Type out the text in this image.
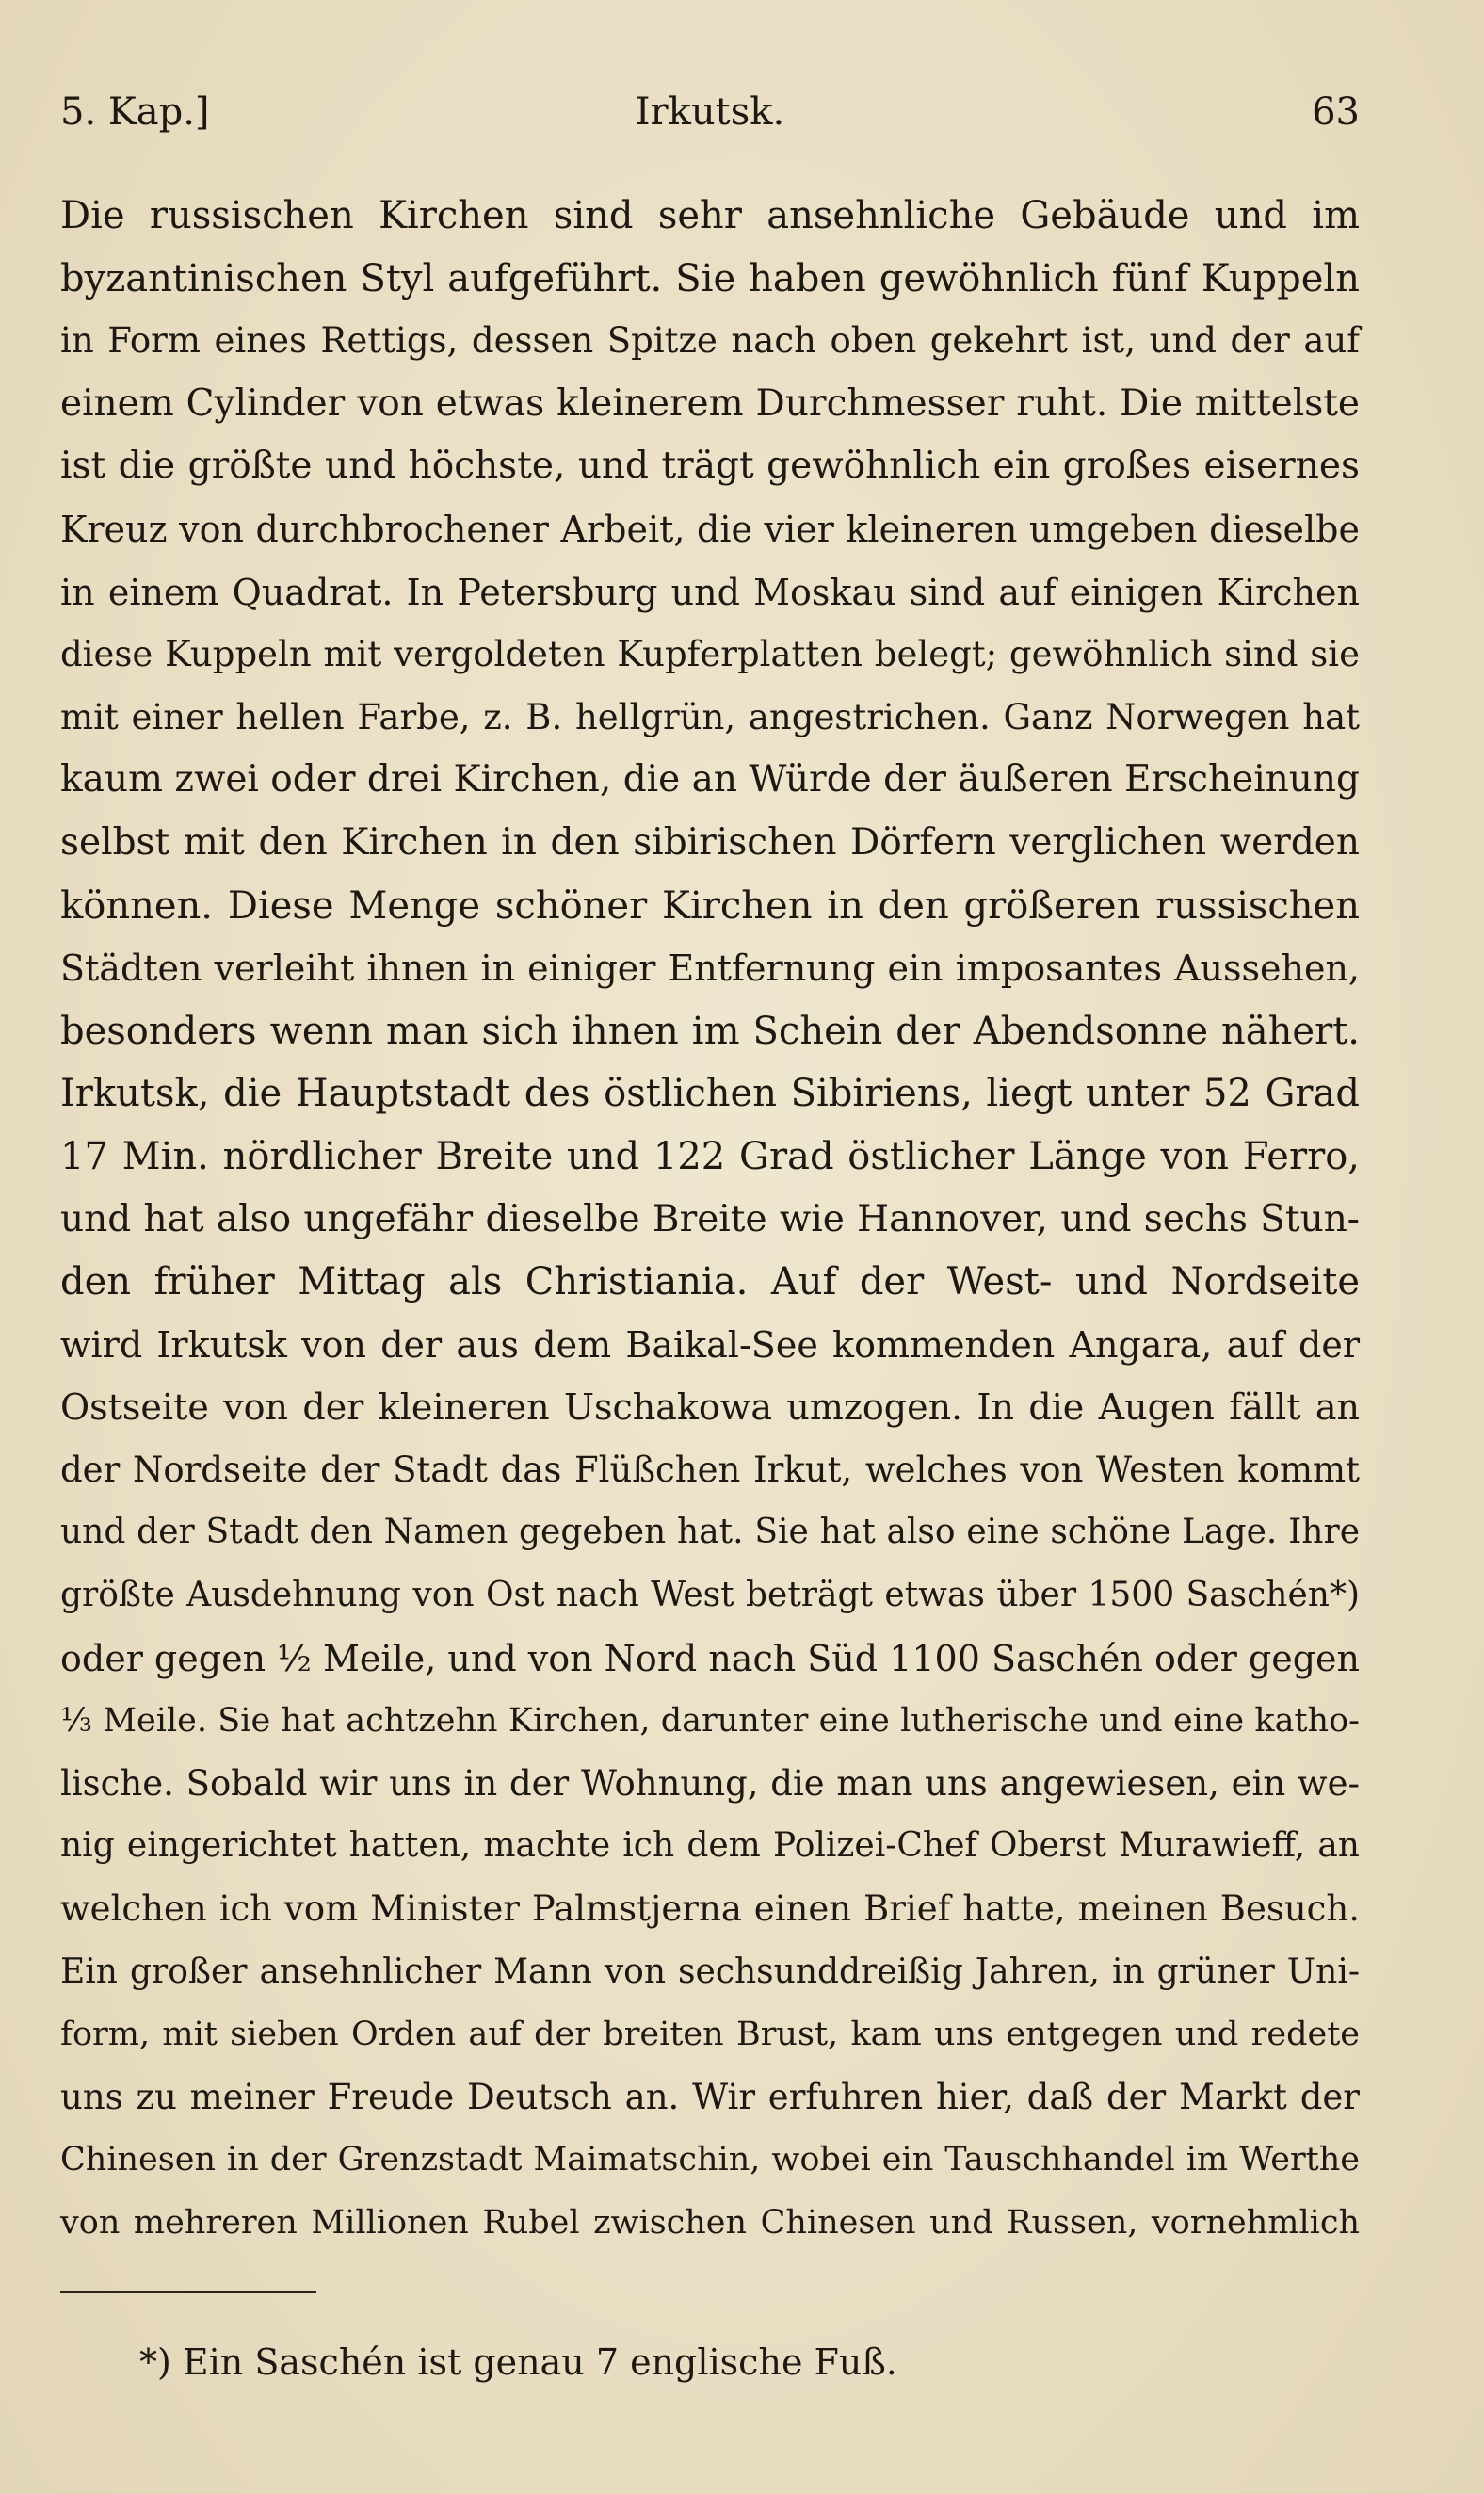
5. Kap.]	Irkutsk.	63
Die russischen Kirchen sind sehr ansehnliche Gebäude und im
byzantinischen Styl aufgeführt. Sie haben gewöhnlich fünf Kuppeln
in Form eines Rettigs, dessen Spitze nach oben gekehrt ist, und der auf
einem Cylinder von etwas kleinerem Durchmesser ruht. Die mittelste
ist die größte und höchste, und trägt gewöhnlich ein großes eisernes
Kreuz von durchbrochener Arbeit, die vier kleineren umgeben dieselbe
in einem Quadrat. In Petersburg und Moskau sind auf einigen Kirchen
diese Kuppeln mit vergoldeten Kupferplatten belegt; gewöhnlich sind sie
mit einer hellen Farbe, z. B. hellgrün, angestrichen. Ganz Norwegen hat
kaum zwei oder drei Kirchen, die an Würde der äußeren Erscheinung
selbst mit den Kirchen in den sibirischen Dörfern verglichen werden
können. Diese Menge schöner Kirchen in den größeren russischen
Städten verleiht ihnen in einiger Entfernung ein imposantes Aussehen,
besonders wenn man sich ihnen im Schein der Abendsonne nähert.
Irkutsk, die Hauptstadt des östlichen Sibiriens, liegt unter 52 Grad
17 Min. nördlicher Breite und 122 Grad östlicher Länge von Ferro,
und hat also ungefähr dieselbe Breite wie Hannover, und sechs Stun-
den früher Mittag als Christiania. Auf der West- und Nordseite
wird Irkutsk von der aus dem Baikal-See kommenden Angara, auf der
Ostseite von der kleineren Uschakowa umzogen. In die Augen fällt an
der Nordseite der Stadt das Flüßchen Irkut, welches von Westen kommt
und der Stadt den Namen gegeben hat. Sie hat also eine schöne Lage. Ihre
größte Ausdehnung von Ost nach West beträgt etwas über 1500 Saschén*)
oder gegen ½ Meile, und von Nord nach Süd 1100 Saschén oder gegen
⅓ Meile. Sie hat achtzehn Kirchen, darunter eine lutherische und eine katho-
lische. Sobald wir uns in der Wohnung, die man uns angewiesen, ein we-
nig eingerichtet hatten, machte ich dem Polizei-Chef Oberst Murawieff, an
welchen ich vom Minister Palmstjerna einen Brief hatte, meinen Besuch.
Ein großer ansehnlicher Mann von sechsunddreißig Jahren, in grüner Uni-
form, mit sieben Orden auf der breiten Brust, kam uns entgegen und redete
uns zu meiner Freude Deutsch an. Wir erfuhren hier, daß der Markt der
Chinesen in der Grenzstadt Maimatschin, wobei ein Tauschhandel im Werthe
von mehreren Millionen Rubel zwischen Chinesen und Russen, vornehmlich
*) Ein Saschén ist genau 7 englische Fuß.
